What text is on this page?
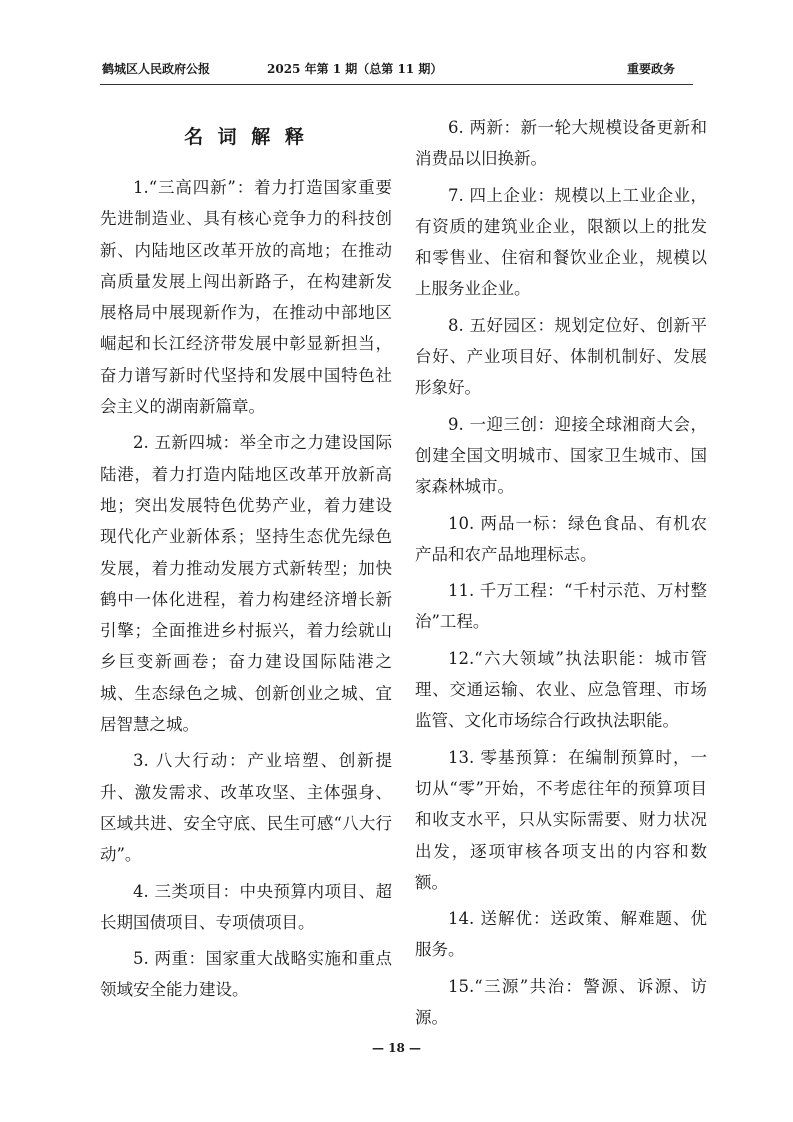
鹤城区人民政府公报	2025 年第 1 期（总第 11 期）	重要政务
名 词 解 释

1.“三高四新”：着力打造国家重要先进制造业、具有核心竞争力的科技创新、内陆地区改革开放的高地；在推动高质量发展上闯出新路子，在构建新发展格局中展现新作为，在推动中部地区崛起和长江经济带发展中彰显新担当，奋力谱写新时代坚持和发展中国特色社会主义的湖南新篇章。

2. 五新四城：举全市之力建设国际陆港，着力打造内陆地区改革开放新高地；突出发展特色优势产业，着力建设现代化产业新体系；坚持生态优先绿色发展，着力推动发展方式新转型；加快鹤中一体化进程，着力构建经济增长新引擎；全面推进乡村振兴，着力绘就山乡巨变新画卷；奋力建设国际陆港之城、生态绿色之城、创新创业之城、宜居智慧之城。

3. 八大行动：产业培塑、创新提升、激发需求、改革攻坚、主体强身、区域共进、安全守底、民生可感“八大行动”。

4. 三类项目：中央预算内项目、超长期国债项目、专项债项目。

5. 两重：国家重大战略实施和重点领域安全能力建设。

6. 两新：新一轮大规模设备更新和消费品以旧换新。

7. 四上企业：规模以上工业企业，有资质的建筑业企业，限额以上的批发和零售业、住宿和餐饮业企业，规模以上服务业企业。

8. 五好园区：规划定位好、创新平台好、产业项目好、体制机制好、发展形象好。

9. 一迎三创：迎接全球湘商大会，创建全国文明城市、国家卫生城市、国家森林城市。

10. 两品一标：绿色食品、有机农产品和农产品地理标志。

11. 千万工程：“千村示范、万村整治”工程。

12.“六大领域”执法职能：城市管理、交通运输、农业、应急管理、市场监管、文化市场综合行政执法职能。

13. 零基预算：在编制预算时，一切从“零”开始，不考虑往年的预算项目和收支水平，只从实际需要、财力状况出发，逐项审核各项支出的内容和数额。

14. 送解优：送政策、解难题、优服务。

15.“三源”共治：警源、诉源、访源。

— 18 —
